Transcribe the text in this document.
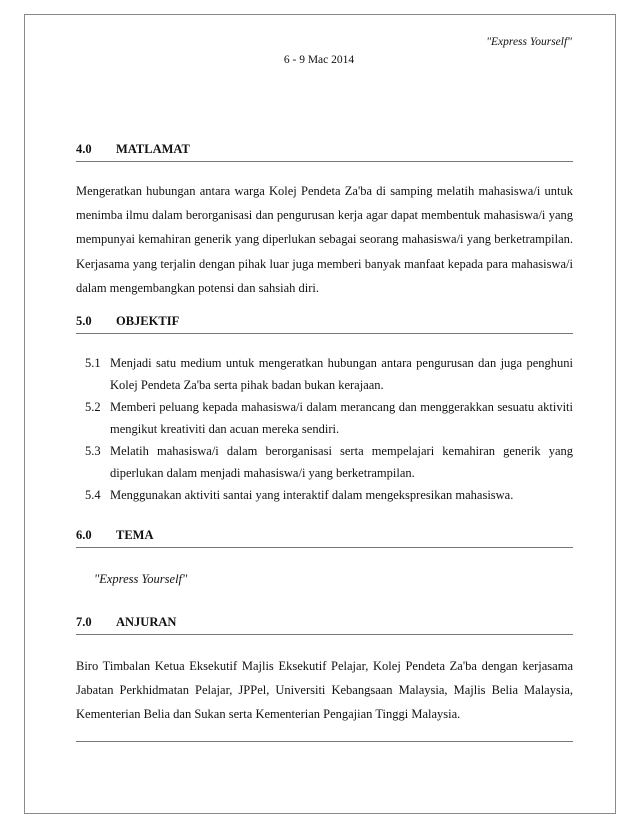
"Express Yourself"
6 - 9 Mac 2014
4.0 MATLAMAT

Mengeratkan hubungan antara warga Kolej Pendeta Za'ba di samping melatih mahasiswa/i untuk menimba ilmu dalam berorganisasi dan pengurusan kerja agar dapat membentuk mahasiswa/i yang mempunyai kemahiran generik yang diperlukan sebagai seorang mahasiswa/i yang berketrampilan. Kerjasama yang terjalin dengan pihak luar juga memberi banyak manfaat kepada para mahasiswa/i dalam mengembangkan potensi dan sahsiah diri.

5.0 OBJEKTIF
5.1 Menjadi satu medium untuk mengeratkan hubungan antara pengurusan dan juga penghuni Kolej Pendeta Za'ba serta pihak badan bukan kerajaan.
5.2 Memberi peluang kepada mahasiswa/i dalam merancang dan menggerakkan sesuatu aktiviti mengikut kreativiti dan acuan mereka sendiri.
5.3 Melatih mahasiswa/i dalam berorganisasi serta mempelajari kemahiran generik yang diperlukan dalam menjadi mahasiswa/i yang berketrampilan.
5.4 Menggunakan aktiviti santai yang interaktif dalam mengekspresikan mahasiswa.
6.0 TEMA
"Express Yourself"
7.0 ANJURAN

Biro Timbalan Ketua Eksekutif Majlis Eksekutif Pelajar, Kolej Pendeta Za'ba dengan kerjasama Jabatan Perkhidmatan Pelajar, JPPel, Universiti Kebangsaan Malaysia, Majlis Belia Malaysia, Kementerian Belia dan Sukan serta Kementerian Pengajian Tinggi Malaysia.
